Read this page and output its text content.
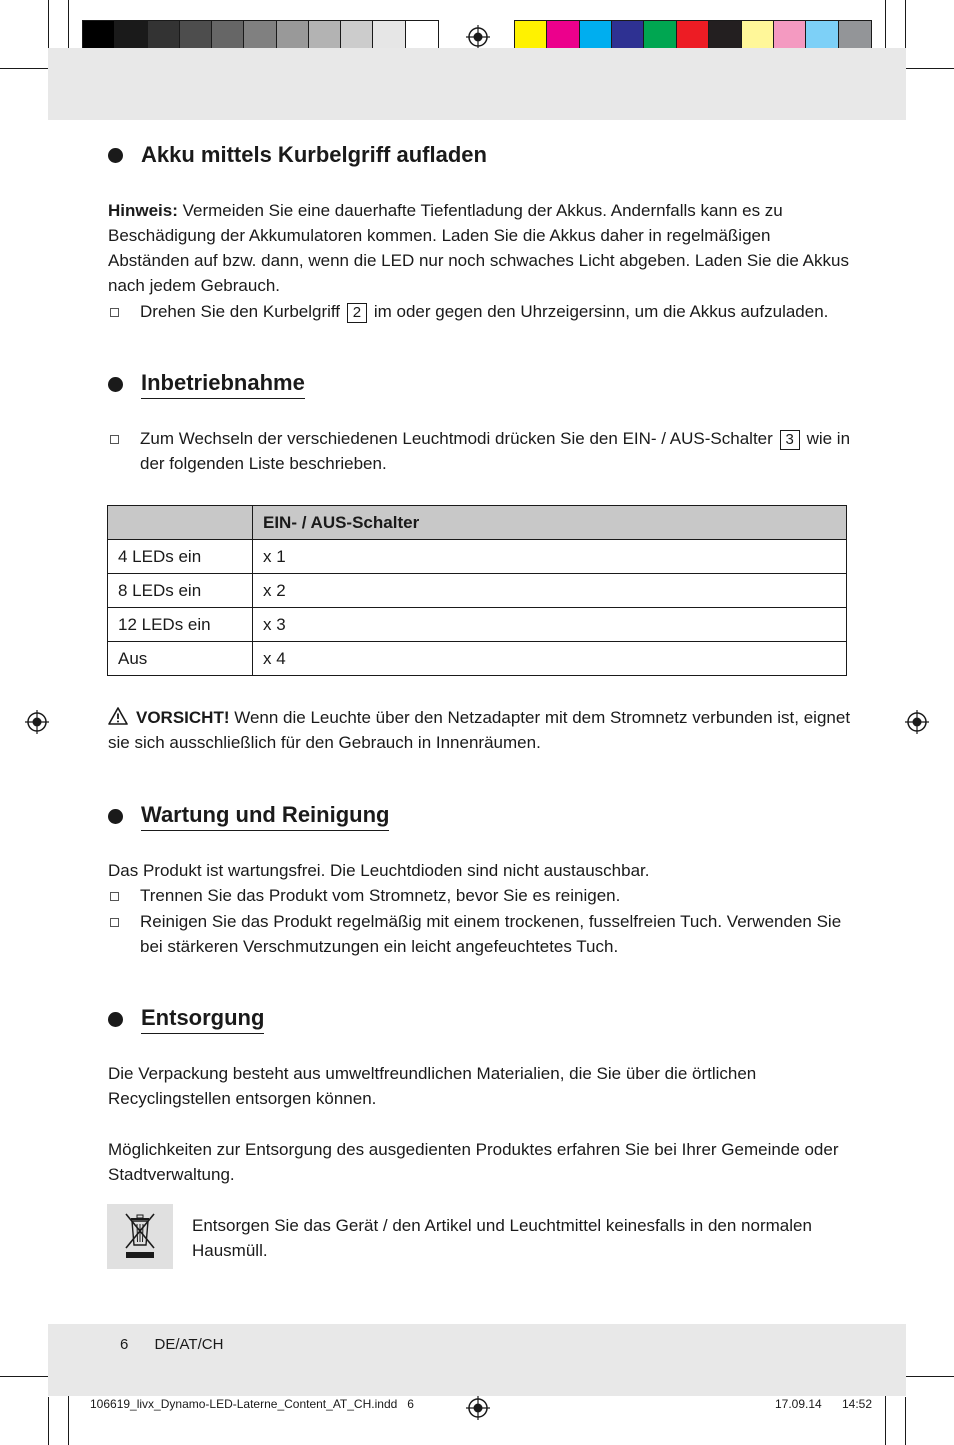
Akku mittels Kurbelgriff aufladen
Hinweis: Vermeiden Sie eine dauerhafte Tiefentladung der Akkus. Andernfalls kann es zu Beschädigung der Akkumulatoren kommen. Laden Sie die Akkus daher in regelmäßigen Abständen auf bzw. dann, wenn die LED nur noch schwaches Licht abgeben. Laden Sie die Akkus nach jedem Gebrauch.
Drehen Sie den Kurbelgriff 2 im oder gegen den Uhrzeigersinn, um die Akkus aufzuladen.
Inbetriebnahme
Zum Wechseln der verschiedenen Leuchtmodi drücken Sie den EIN- / AUS-Schalter 3 wie in der folgenden Liste beschrieben.
	EIN- / AUS-Schalter
4 LEDs ein	x 1
8 LEDs ein	x 2
12 LEDs ein	x 3
Aus	x 4
VORSICHT! Wenn die Leuchte über den Netzadapter mit dem Stromnetz verbunden ist, eignet sie sich ausschließlich für den Gebrauch in Innenräumen.
Wartung und Reinigung
Das Produkt ist wartungsfrei. Die Leuchtdioden sind nicht austauschbar.
Trennen Sie das Produkt vom Stromnetz, bevor Sie es reinigen.
Reinigen Sie das Produkt regelmäßig mit einem trockenen, fusselfreien Tuch. Verwenden Sie bei stärkeren Verschmutzungen ein leicht angefeuchtetes Tuch.
Entsorgung
Die Verpackung besteht aus umweltfreundlichen Materialien, die Sie über die örtlichen Recyclingstellen entsorgen können.
Möglichkeiten zur Entsorgung des ausgedienten Produktes erfahren Sie bei Ihrer Gemeinde oder Stadtverwaltung.
Entsorgen Sie das Gerät / den Artikel und Leuchtmittel keinesfalls in den normalen Hausmüll.
6 DE/AT/CH
106619_livx_Dynamo-LED-Laterne_Content_AT_CH.indd   6	17.09.14 14:52
